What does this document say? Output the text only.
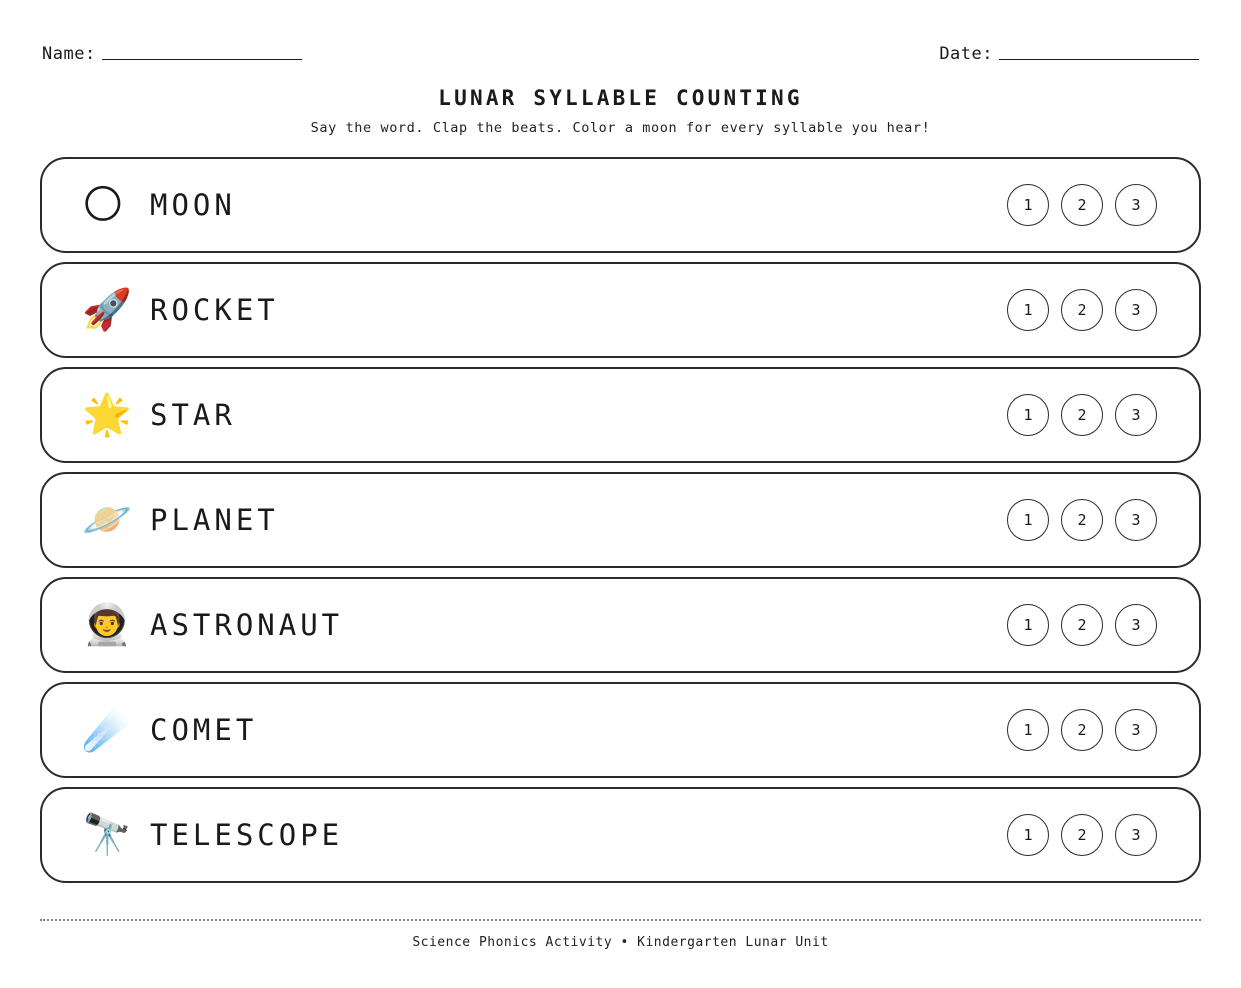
Name:	Date:
LUNAR SYLLABLE COUNTING
Say the word. Clap the beats. Color a moon for every syllable you hear!
🌕 MOON	1	2	3
🚀 ROCKET	1	2	3
🌟 STAR	1	2	3
🪐 PLANET	1	2	3
👨‍🚀 ASTRONAUT	1	2	3
☄️ COMET	1	2	3
🔭 TELESCOPE	1	2	3
Science Phonics Activity • Kindergarten Lunar Unit
